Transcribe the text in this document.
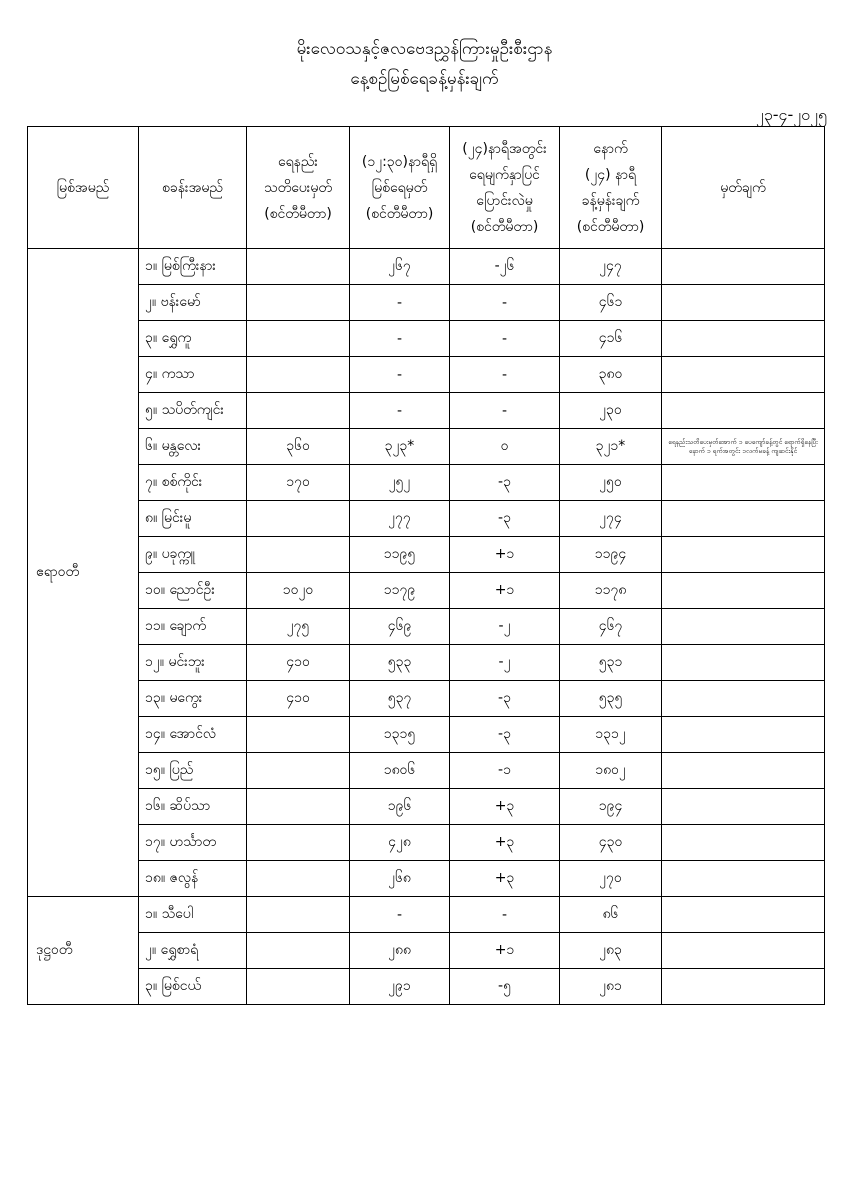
မိုးလေဝသနှင့်ဇလဗေဒညွှန်ကြားမှုဦးစီးဌာန
နေ့စဉ်မြစ်ရေခန့်မှန်းချက်
၂၃-၄-၂၀၂၅
မြစ်အမည်	စခန်းအမည်	ရေနည်း
သတိပေးမှတ်
(စင်တီမီတာ)	(၁၂:၃၀)နာရီရှိ
မြစ်ရေမှတ်
(စင်တီမီတာ)	(၂၄)နာရီအတွင်း
ရေမျက်နှာပြင်
ပြောင်းလဲမှု
(စင်တီမီတာ)	နောက်
(၂၄) နာရီ
ခန့်မှန်းချက်
(စင်တီမီတာ)	မှတ်ချက်
ဧရာဝတီ	၁။ မြစ်ကြီးနား		၂၆၇	-၂၆	၂၄၇	
	၂။ ဗန်းမော်		-	-	၄၆၁	
	၃။ ရွှေကူ		-	-	၄၁၆	
	၄။ ကသာ		-	-	၃၈၀	
	၅။ သပိတ်ကျင်း		-	-	၂၃၀	
	၆။ မန္တလေး	၃၆၀	၃၂၃*	၀	၃၂၁*	ရေနည်းသတိပေးမှတ်အောက် ၁ ပေကျော်ခန့်တွင် ရောက်ရှိနေပြီး နောက် ၁ ရက်အတွင်း ၁လက်မခန့် ကျဆင်းနိုင်
	၇။ စစ်ကိုင်း	၁၇၀	၂၅၂	-၃	၂၅၀	
	၈။ မြင်းမူ		၂၇၇	-၃	၂၇၄	
	၉။ ပခုက္ကူ		၁၁၉၅	+၁	၁၁၉၄	
	၁၀။ ညောင်ဦး	၁၀၂၀	၁၁၇၉	+၁	၁၁၇၈	
	၁၁။ ချောက်	၂၇၅	၄၆၉	-၂	၄၆၇	
	၁၂။ မင်းဘူး	၄၁၀	၅၃၃	-၂	၅၃၁	
	၁၃။ မကွေး	၄၁၀	၅၃၇	-၃	၅၃၅	
	၁၄။ အောင်လံ		၁၃၁၅	-၃	၁၃၁၂	
	၁၅။ ပြည်		၁၈၀၆	-၁	၁၈၀၂	
	၁၆။ ဆိပ်သာ		၁၉၆	+၃	၁၉၄	
	၁၇။ ဟင်္သာတ		၄၂၈	+၃	၄၃၀	
	၁၈။ ဇလွန်		၂၆၈	+၃	၂၇၀	
ဒုဋ္ဌဝတီ	၁။ သီပေါ		-	-	၈၆	
	၂။ ရွှေစာရံ		၂၈၈	+၁	၂၈၃	
	၃။ မြစ်ငယ်		၂၉၁	-၅	၂၈၁	
